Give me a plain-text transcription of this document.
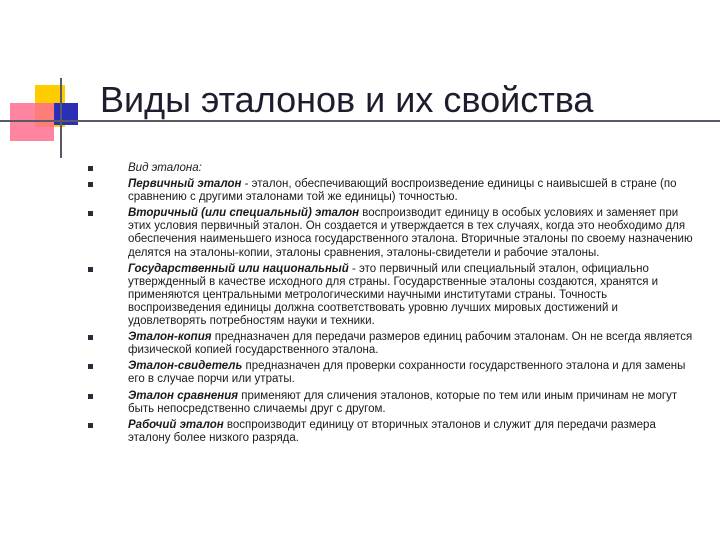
Виды эталонов и их свойства
Вид эталона:
Первичный эталон - эталон, обеспечивающий воспроизведение единицы с наивысшей в стране (по сравнению с другими эталонами той же единицы) точностью.
Вторичный (или специальный) эталон воспроизводит единицу в особых условиях и заменяет при этих условия первичный эталон. Он создается и утверждается в тех случаях, когда это необходимо для обеспечения наименьшего износа государственного эталона. Вторичные эталоны по своему назначению делятся на эталоны-копии, эталоны сравнения, эталоны-свидетели и рабочие эталоны.
Государственный или национальный - это первичный или специальный эталон, официально утвержденный в качестве исходного для страны. Государственные эталоны создаются, хранятся и применяются центральными метрологическими научными институтами страны. Точность воспроизведения единицы должна соответствовать уровню лучших мировых достижений и удовлетворять потребностям науки и техники.
Эталон-копия предназначен для передачи размеров единиц рабочим эталонам. Он не всегда является физической копией государственного эталона.
Эталон-свидетель предназначен для проверки сохранности государственного эталона и для замены его в случае порчи или утраты.
Эталон сравнения применяют для сличения эталонов, которые по тем или иным причинам не могут быть непосредственно сличаемы друг с другом.
Рабочий эталон воспроизводит единицу от вторичных эталонов и служит для передачи размера эталону более низкого разряда.
